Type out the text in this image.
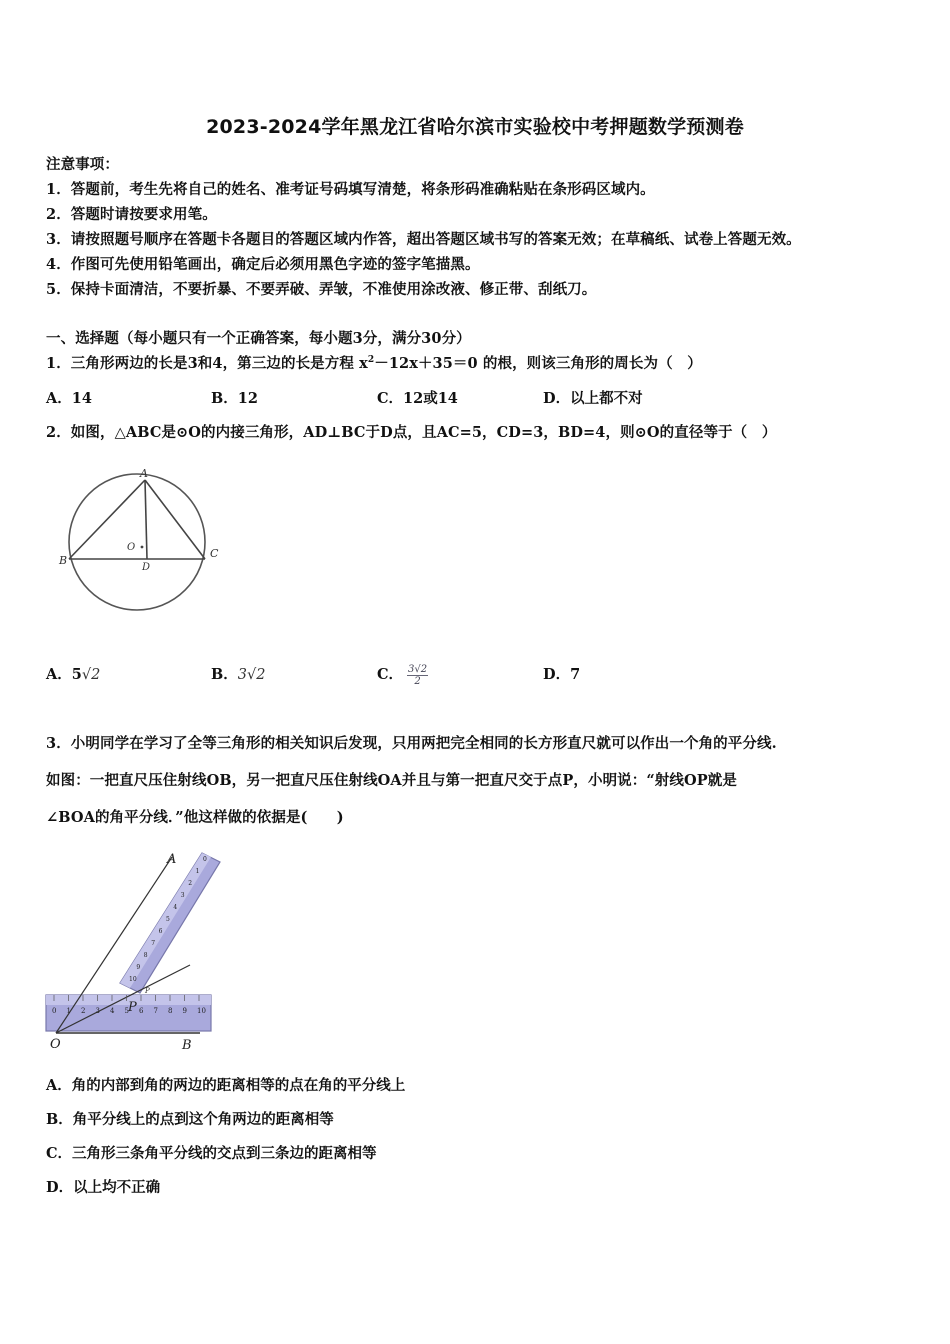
2023-2024学年黑龙江省哈尔滨市实验校中考押题数学预测卷
注意事项：
1．答题前，考生先将自己的姓名、准考证号码填写清楚，将条形码准确粘贴在条形码区域内。
2．答题时请按要求用笔。
3．请按照题号顺序在答题卡各题目的答题区域内作答，超出答题区域书写的答案无效；在草稿纸、试卷上答题无效。
4．作图可先使用铅笔画出，确定后必须用黑色字迹的签字笔描黑。
5．保持卡面清洁，不要折暴、不要弄破、弄皱，不准使用涂改液、修正带、刮纸刀。
一、选择题（每小题只有一个正确答案，每小题3分，满分30分）
1．三角形两边的长是3和4，第三边的长是方程 $x^2-12x+35=0$ 的根，则该三角形的周长为（　）
A．14	B．12	C．12或14	D．以上都不对
2．如图，△ABC是⊙O的内接三角形，AD⊥BC于D点，且AC=5，CD=3，BD=4，则⊙O的直径等于（　）
A
B
C
D
O
A．5√2	B．3√2	C． $\frac{3√2}{2}$	D．7
3．小明同学在学习了全等三角形的相关知识后发现，只用两把完全相同的长方形直尺就可以作出一个角的平分线.
如图：一把直尺压住射线OB，另一把直尺压住射线OA并且与第一把直尺交于点P，小明说：“射线OP就是
∠BOA的角平分线．”他这样做的依据是(　　)
0 1 2 3 4 5 6 7 8 9 10
0
1
2
3
4
5
6
7
8
9
10
A
O	B
P
P
A．角的内部到角的两边的距离相等的点在角的平分线上
B．角平分线上的点到这个角两边的距离相等
C．三角形三条角平分线的交点到三条边的距离相等
D．以上均不正确
